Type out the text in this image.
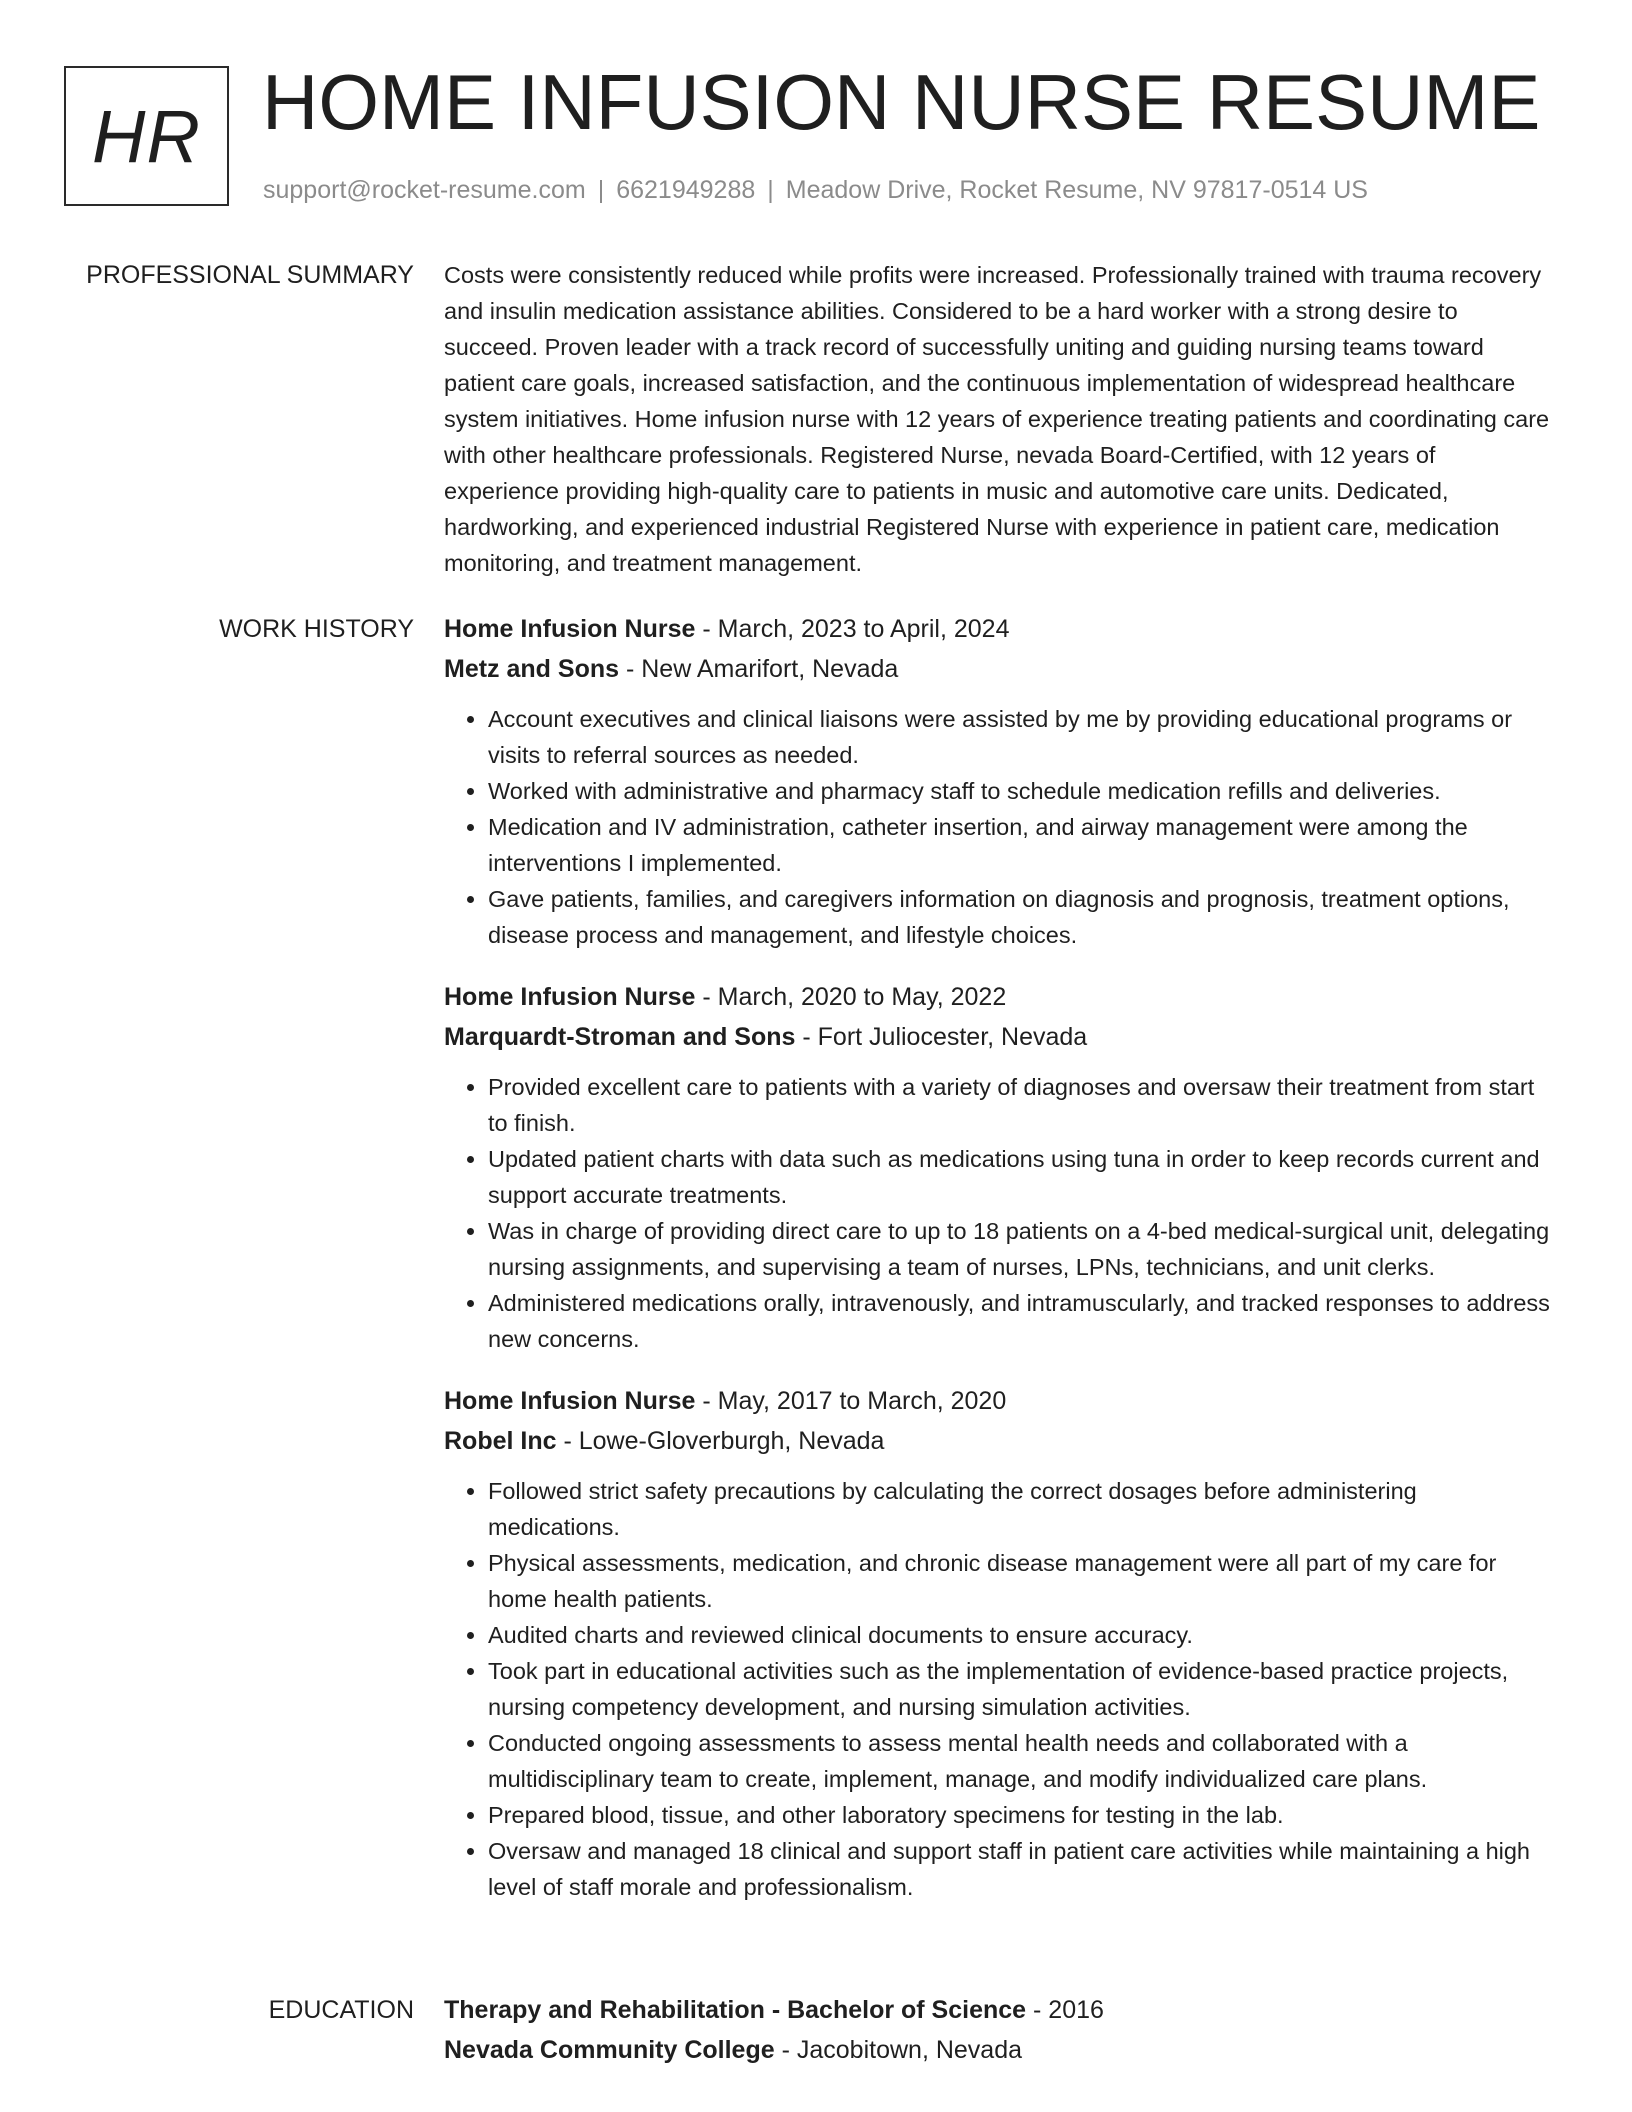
HR HOME INFUSION NURSE RESUME
support@rocket-resume.com | 6621949288 | Meadow Drive, Rocket Resume, NV 97817-0514 US
PROFESSIONAL SUMMARY Costs were consistently reduced while profits were increased. Professionally trained with trauma recovery and insulin medication assistance abilities. Considered to be a hard worker with a strong desire to succeed. Proven leader with a track record of successfully uniting and guiding nursing teams toward patient care goals, increased satisfaction, and the continuous implementation of widespread healthcare system initiatives. Home infusion nurse with 12 years of experience treating patients and coordinating care with other healthcare professionals. Registered Nurse, nevada Board-Certified, with 12 years of experience providing high-quality care to patients in music and automotive care units. Dedicated, hardworking, and experienced industrial Registered Nurse with experience in patient care, medication monitoring, and treatment management.

WORK HISTORY Home Infusion Nurse - March, 2023 to April, 2024
Metz and Sons - New Amarifort, Nevada
• Account executives and clinical liaisons were assisted by me by providing educational programs or visits to referral sources as needed.
• Worked with administrative and pharmacy staff to schedule medication refills and deliveries.
• Medication and IV administration, catheter insertion, and airway management were among the interventions I implemented.
• Gave patients, families, and caregivers information on diagnosis and prognosis, treatment options, disease process and management, and lifestyle choices.
Home Infusion Nurse - March, 2020 to May, 2022
Marquardt-Stroman and Sons - Fort Juliocester, Nevada
• Provided excellent care to patients with a variety of diagnoses and oversaw their treatment from start to finish.
• Updated patient charts with data such as medications using tuna in order to keep records current and support accurate treatments.
• Was in charge of providing direct care to up to 18 patients on a 4-bed medical-surgical unit, delegating nursing assignments, and supervising a team of nurses, LPNs, technicians, and unit clerks.
• Administered medications orally, intravenously, and intramuscularly, and tracked responses to address new concerns.
Home Infusion Nurse - May, 2017 to March, 2020
Robel Inc - Lowe-Gloverburgh, Nevada
• Followed strict safety precautions by calculating the correct dosages before administering medications.
• Physical assessments, medication, and chronic disease management were all part of my care for home health patients.
• Audited charts and reviewed clinical documents to ensure accuracy.
• Took part in educational activities such as the implementation of evidence-based practice projects, nursing competency development, and nursing simulation activities.
• Conducted ongoing assessments to assess mental health needs and collaborated with a multidisciplinary team to create, implement, manage, and modify individualized care plans.
• Prepared blood, tissue, and other laboratory specimens for testing in the lab.
• Oversaw and managed 18 clinical and support staff in patient care activities while maintaining a high level of staff morale and professionalism.
EDUCATION Therapy and Rehabilitation - Bachelor of Science - 2016
Nevada Community College - Jacobitown, Nevada
